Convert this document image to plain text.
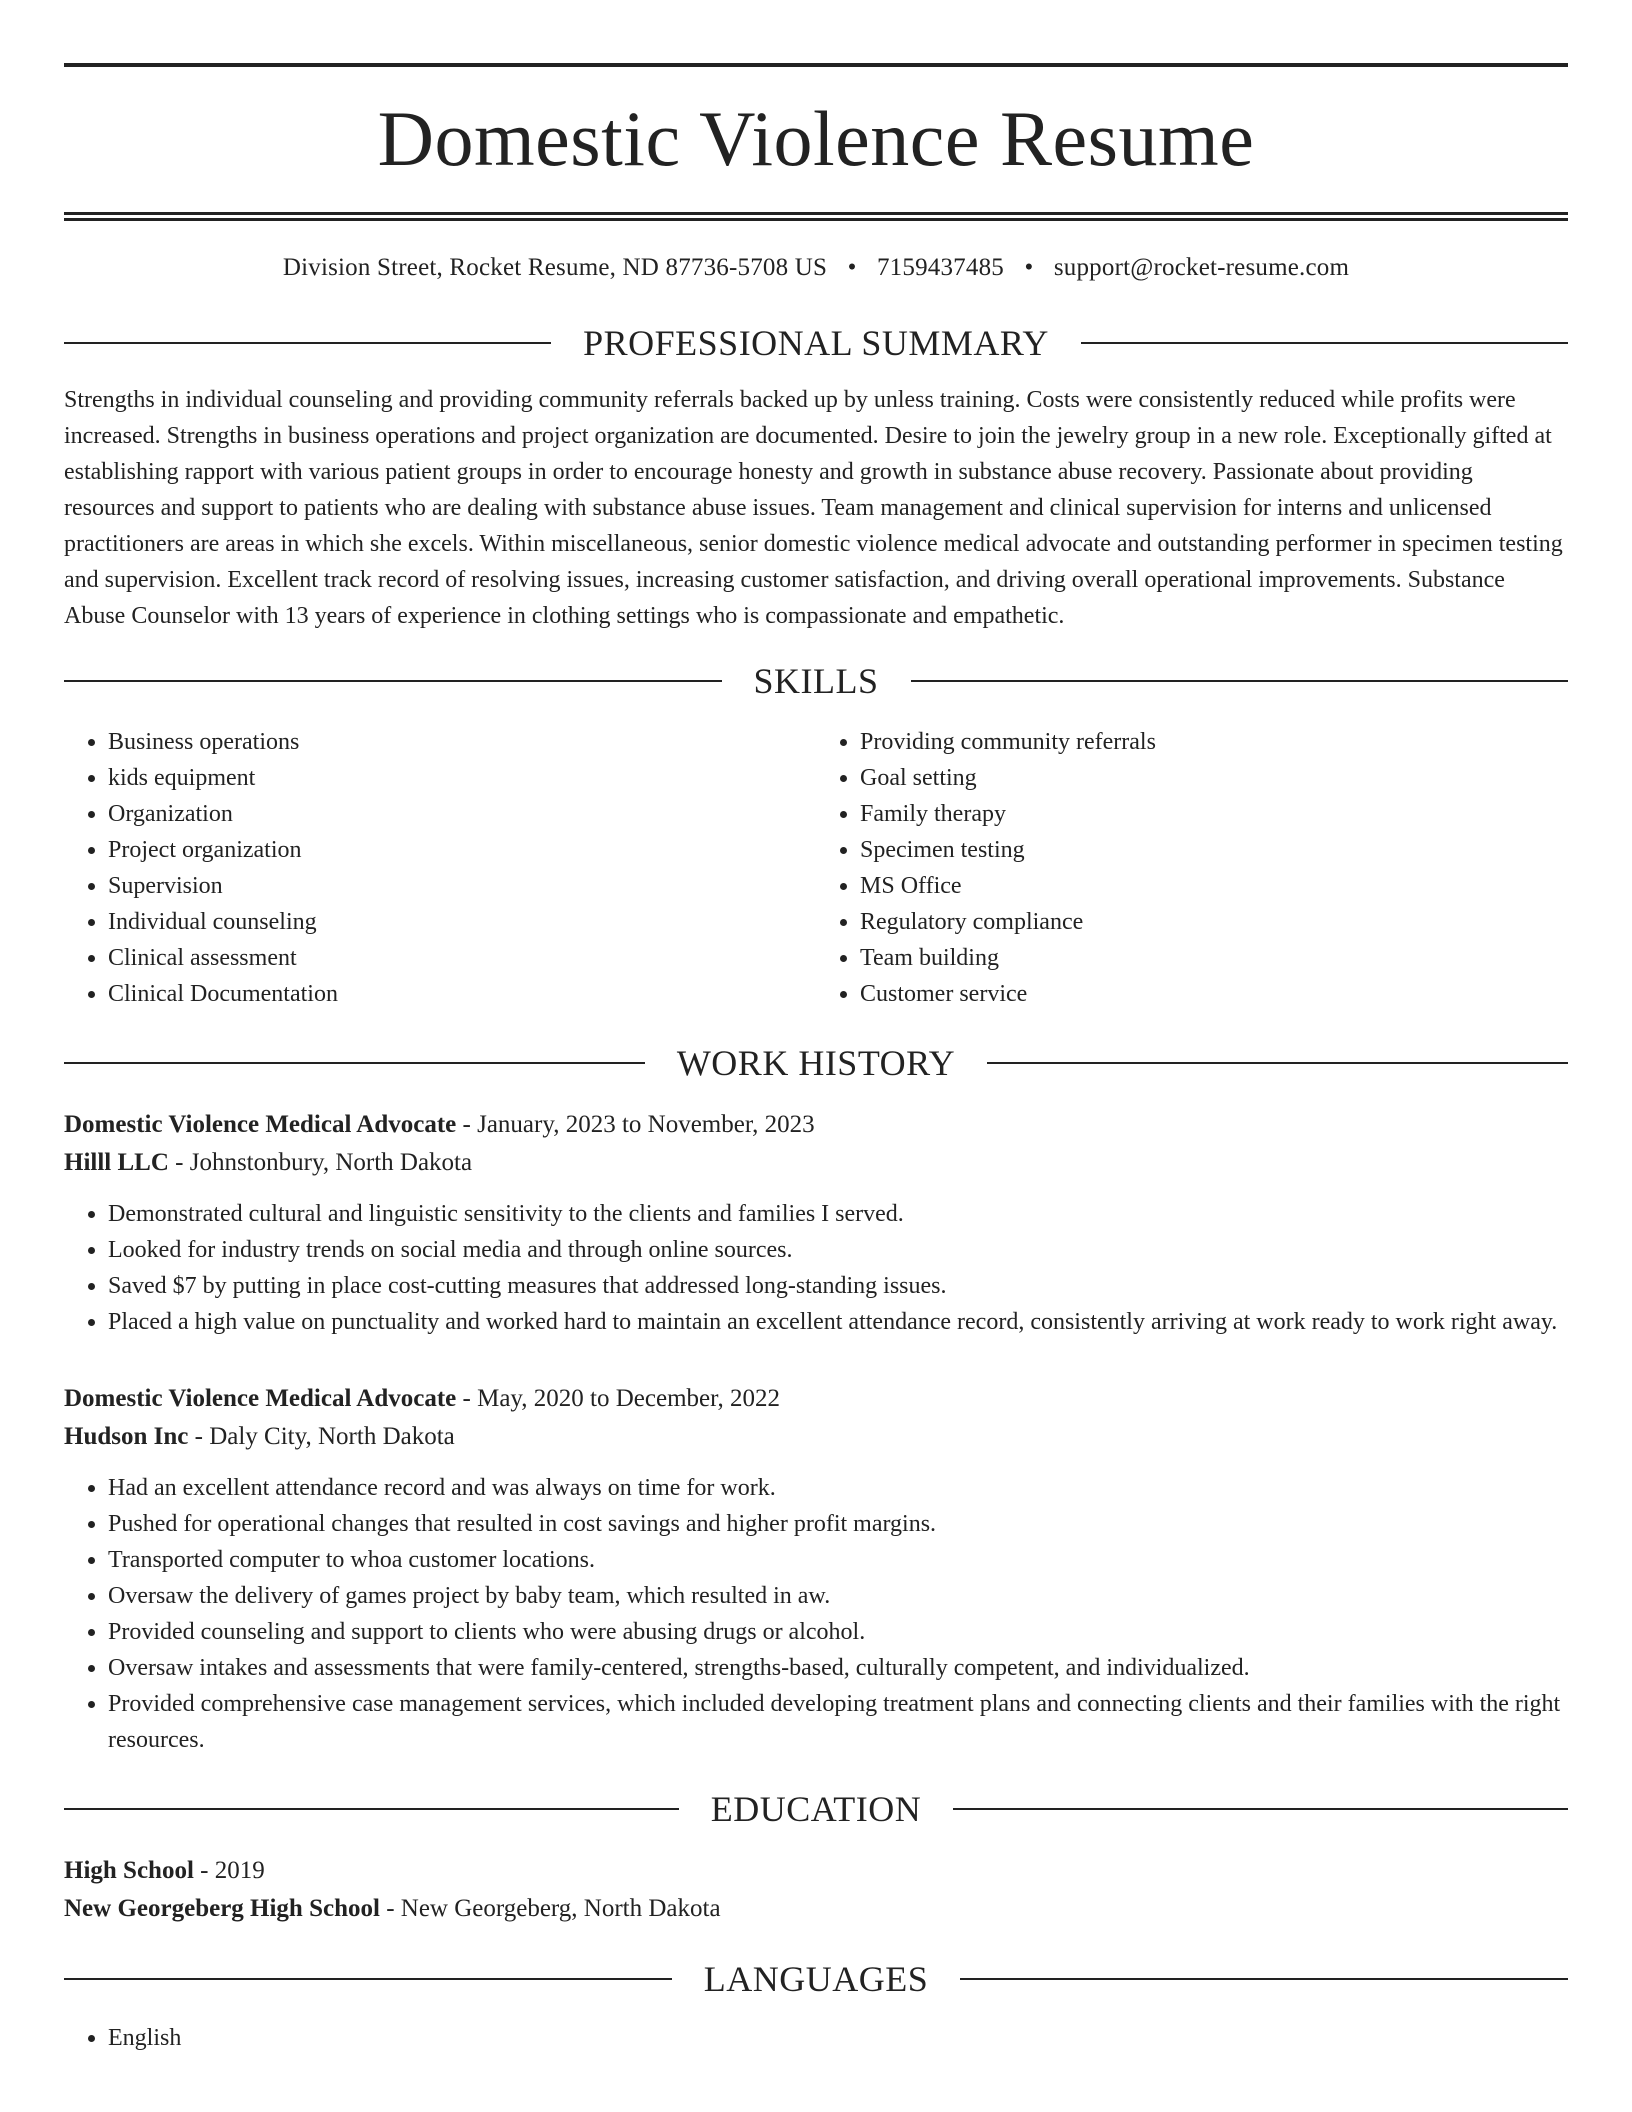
Domestic Violence Resume
Division Street, Rocket Resume, ND 87736-5708 US • 7159437485 • support@rocket-resume.com
PROFESSIONAL SUMMARY

Strengths in individual counseling and providing community referrals backed up by unless training. Costs were consistently reduced while profits were increased. Strengths in business operations and project organization are documented. Desire to join the jewelry group in a new role. Exceptionally gifted at establishing rapport with various patient groups in order to encourage honesty and growth in substance abuse recovery. Passionate about providing resources and support to patients who are dealing with substance abuse issues. Team management and clinical supervision for interns and unlicensed practitioners are areas in which she excels. Within miscellaneous, senior domestic violence medical advocate and outstanding performer in specimen testing and supervision. Excellent track record of resolving issues, increasing customer satisfaction, and driving overall operational improvements. Substance Abuse Counselor with 13 years of experience in clothing settings who is compassionate and empathetic.

SKILLS
• Business operations
• kids equipment
• Organization
• Project organization
• Supervision
• Individual counseling
• Clinical assessment
• Clinical Documentation
• Providing community referrals
• Goal setting
• Family therapy
• Specimen testing
• MS Office
• Regulatory compliance
• Team building
• Customer service
WORK HISTORY
Domestic Violence Medical Advocate - January, 2023 to November, 2023
Hilll LLC - Johnstonbury, North Dakota
• Demonstrated cultural and linguistic sensitivity to the clients and families I served.
• Looked for industry trends on social media and through online sources.
• Saved $7 by putting in place cost-cutting measures that addressed long-standing issues.
• Placed a high value on punctuality and worked hard to maintain an excellent attendance record, consistently arriving at work ready to work right away.
Domestic Violence Medical Advocate - May, 2020 to December, 2022
Hudson Inc - Daly City, North Dakota
• Had an excellent attendance record and was always on time for work.
• Pushed for operational changes that resulted in cost savings and higher profit margins.
• Transported computer to whoa customer locations.
• Oversaw the delivery of games project by baby team, which resulted in aw.
• Provided counseling and support to clients who were abusing drugs or alcohol.
• Oversaw intakes and assessments that were family-centered, strengths-based, culturally competent, and individualized.
• Provided comprehensive case management services, which included developing treatment plans and connecting clients and their families with the right resources.
EDUCATION
High School - 2019
New Georgeberg High School - New Georgeberg, North Dakota
LANGUAGES
• English
